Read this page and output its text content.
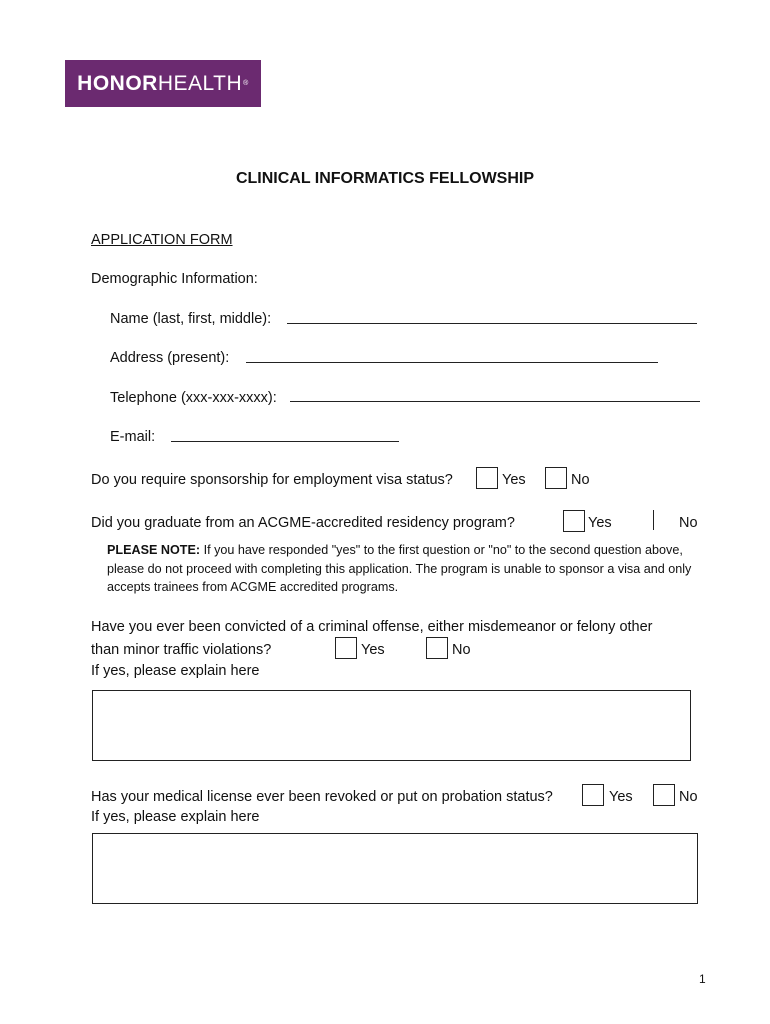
HONOR HEALTH ®
CLINICAL INFORMATICS FELLOWSHIP
APPLICATION FORM
Demographic Information:
Name (last, first, middle):
Address (present):
Telephone (xxx-xxx-xxxx):
E-mail:
Do you require sponsorship for employment visa status?	Yes	No
Did you graduate from an ACGME-accredited residency program?	Yes	No
PLEASE NOTE: If you have responded "yes" to the first question or "no" to the second question above, please do not proceed with completing this application. The program is unable to sponsor a visa and only accepts trainees from ACGME accredited programs.
Have you ever been convicted of a criminal offense, either misdemeanor or felony other
than minor traffic violations?	Yes	No
If yes, please explain here
Has your medical license ever been revoked or put on probation status?	Yes	No
If yes, please explain here
1
